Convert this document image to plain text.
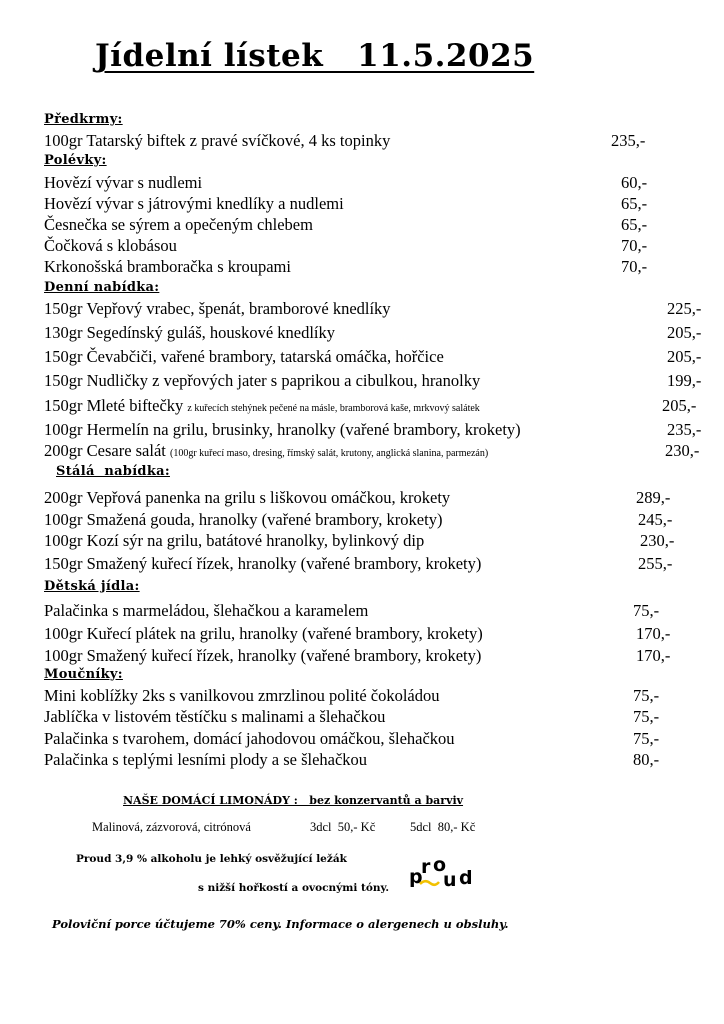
Jídelní lístek   11.5.2025
Předkrmy:
100gr Tatarský biftek z pravé svíčkové, 4 ks topinky	235,-
Polévky:
Hovězí vývar s nudlemi	60,-
Hovězí vývar s játrovými knedlíky a nudlemi	65,-
Česnečka se sýrem a opečeným chlebem	65,-
Čočková s klobásou	70,-
Krkonošská bramboračka s kroupami	70,-
Denní nabídka:
150gr Vepřový vrabec, špenát, bramborové knedlíky	225,-
130gr Segedínský guláš, houskové knedlíky	205,-
150gr Čevabčiči, vařené brambory, tatarská omáčka, hořčice	205,-
150gr Nudličky z vepřových jater s paprikou a cibulkou, hranolky	199,-
150gr Mleté biftečky z kuřecích stehýnek pečené na másle, bramborová kaše, mrkvový salátek	205,-
100gr Hermelín na grilu, brusinky, hranolky (vařené brambory, krokety)	235,-
200gr Cesare salát (100gr kuřecí maso, dresing, římský salát, krutony, anglická slanina, parmezán)	230,-
Stálá  nabídka:
200gr Vepřová panenka na grilu s liškovou omáčkou, krokety	289,-
100gr Smažená gouda, hranolky (vařené brambory, krokety)	245,-
100gr Kozí sýr na grilu, batátové hranolky, bylinkový dip	230,-
150gr Smažený kuřecí řízek, hranolky (vařené brambory, krokety)	255,-
Dětská jídla:
Palačinka s marmeládou, šlehačkou a karamelem	75,-
100gr Kuřecí plátek na grilu, hranolky (vařené brambory, krokety)	170,-
100gr Smažený kuřecí řízek, hranolky (vařené brambory, krokety)	170,-
Moučníky:
Mini koblížky 2ks s vanilkovou zmrzlinou polité čokoládou	75,-
Jablíčka v listovém těstíčku s malinami a šlehačkou	75,-
Palačinka s tvarohem, domácí jahodovou omáčkou, šlehačkou	75,-
Palačinka s teplými lesními plody a se šlehačkou	80,-
NAŠE DOMÁCÍ LIMONÁDY :   bez konzervantů a barviv
Malinová, zázvorová, citrónová	3dcl  50,- Kč	5dcl  80,- Kč
Proud 3,9 % alkoholu je lehký osvěžující ležák
s nižší hořkostí a ovocnými tóny. p
r o
u d
Poloviční porce účtujeme 70% ceny. Informace o alergenech u obsluhy.
